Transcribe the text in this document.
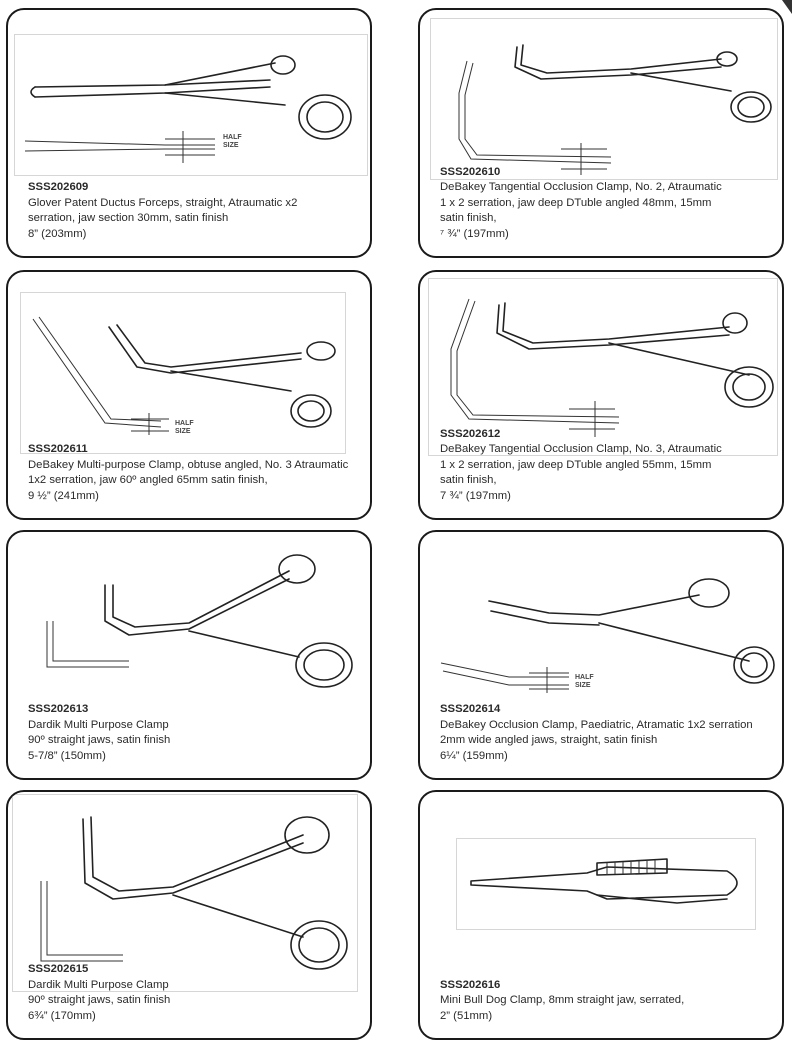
HALF
SIZE
SSS202609
Glover Patent Ductus Forceps, straight, Atraumatic x2
serration, jaw section 30mm, satin finish
8” (203mm)
SSS202610
DeBakey Tangential Occlusion Clamp, No. 2, Atraumatic
1 x 2 serration, jaw deep DTuble angled 48mm, 15mm
satin finish,
⁷ ¾” (197mm)
HALF
SIZE
SSS202611
DeBakey Multi-purpose Clamp, obtuse angled, No. 3 Atraumatic
1x2 serration, jaw 60º angled 65mm satin finish,
9 ½” (241mm)
SSS202612
DeBakey Tangential Occlusion Clamp, No. 3, Atraumatic
1 x 2 serration, jaw deep DTuble angled 55mm, 15mm
satin finish,
7 ¾” (197mm)
SSS202613
Dardik Multi Purpose Clamp
90º straight jaws, satin finish
5-7/8” (150mm)
HALF
SIZE
SSS202614
DeBakey Occlusion Clamp, Paediatric, Atramatic 1x2 serration
2mm wide angled jaws, straight, satin finish
6¼” (159mm)
SSS202615
Dardik Multi Purpose Clamp
90º straight jaws, satin finish
6¾” (170mm)
SSS202616
Mini Bull Dog Clamp, 8mm straight jaw, serrated,
2” (51mm)
